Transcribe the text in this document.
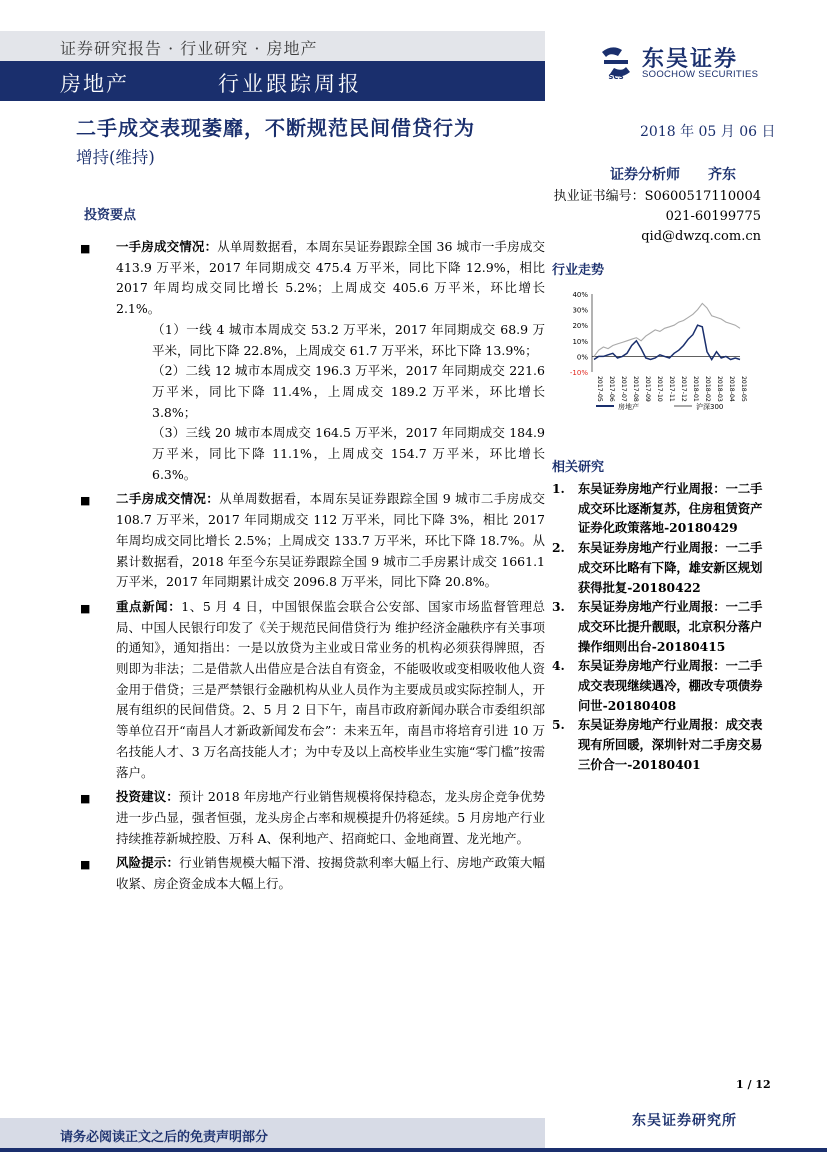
证券研究报告 · 行业研究 · 房地产
房地产	行业跟踪周报	SCS
东吴证券
SOOCHOW SECURITIES
二手成交表现萎靡，不断规范民间借贷行为
增持(维持)
2018 年 05 月 06 日
证券分析师 齐东
执业证书编号：S0600517110004
021-60199775
qid@dwzq.com.cn
投资要点
■ 一手房成交情况：从单周数据看，本周东吴证券跟踪全国 36 城市一手房成交 413.9 万平米，2017 年同期成交 475.4 万平米，同比下降 12.9%，相比 2017 年周均成交同比增长 5.2%；上周成交 405.6 万平米，环比增长 2.1%。

（1）一线 4 城市本周成交 53.2 万平米，2017 年同期成交 68.9 万平米，同比下降 22.8%，上周成交 61.7 万平米，环比下降 13.9%；

（2）二线 12 城市本周成交 196.3 万平米，2017 年同期成交 221.6 万平米，同比下降 11.4%，上周成交 189.2 万平米，环比增长 3.8%；

（3）三线 20 城市本周成交 164.5 万平米，2017 年同期成交 184.9 万平米，同比下降 11.1%，上周成交 154.7 万平米，环比增长 6.3%。

■ 二手房成交情况：从单周数据看，本周东吴证券跟踪全国 9 城市二手房成交 108.7 万平米，2017 年同期成交 112 万平米，同比下降 3%，相比 2017 年周均成交同比增长 2.5%；上周成交 133.7 万平米，环比下降 18.7%。从累计数据看，2018 年至今东吴证券跟踪全国 9 城市二手房累计成交 1661.1 万平米，2017 年同期累计成交 2096.8 万平米，同比下降 20.8%。

■ 重点新闻：1、5 月 4 日，中国银保监会联合公安部、国家市场监督管理总局、中国人民银行印发了《关于规范民间借贷行为 维护经济金融秩序有关事项的通知》，通知指出：一是以放贷为主业或日常业务的机构必须获得牌照，否则即为非法；二是借款人出借应是合法自有资金，不能吸收或变相吸收他人资金用于借贷；三是严禁银行金融机构从业人员作为主要成员或实际控制人，开展有组织的民间借贷。2、5 月 2 日下午，南昌市政府新闻办联合市委组织部等单位召开“南昌人才新政新闻发布会”：未来五年，南昌市将培育引进 10 万名技能人才、3 万名高技能人才；为中专及以上高校毕业生实施“零门槛”按需落户。

■ 投资建议：预计 2018 年房地产行业销售规模将保持稳态，龙头房企竞争优势进一步凸显，强者恒强，龙头房企占率和规模提升仍将延续。5 月房地产行业持续推荐新城控股、万科 A、保利地产、招商蛇口、金地商置、龙光地产。

■ 风险提示：行业销售规模大幅下滑、按揭贷款利率大幅上行、房地产政策大幅收紧、房企资金成本大幅上行。

行业走势
40%
30%
20%
10%
0%
-10%
2017-05 2017-06 2017-07 2017-08 2017-09 2017-10 2017-11 2017-12 2018-01 2018-02 2018-03 2018-04 2018-05
房地产	沪深300
相关研究
1. 东吴证券房地产行业周报：一二手成交环比逐渐复苏，住房租赁资产证券化政策落地-20180429
2. 东吴证券房地产行业周报：一二手成交环比略有下降，雄安新区规划获得批复-20180422
3. 东吴证券房地产行业周报：一二手成交环比提升靓眼，北京积分落户操作细则出台-20180415
4. 东吴证券房地产行业周报：一二手成交表现继续遇冷，棚改专项债券问世-20180408
5. 东吴证券房地产行业周报：成交表现有所回暖，深圳针对二手房交易三价合一-20180401
1 / 12
东吴证券研究所
请务必阅读正文之后的免责声明部分
